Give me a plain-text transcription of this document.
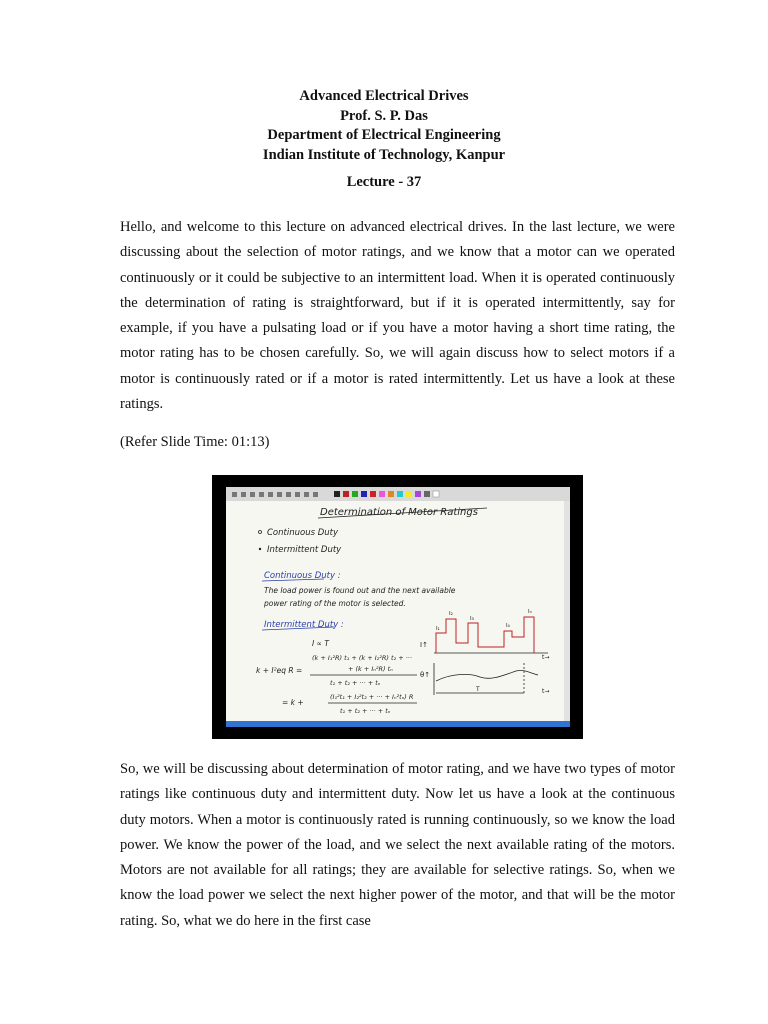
Advanced Electrical Drives
Prof. S. P. Das
Department of Electrical Engineering
Indian Institute of Technology, Kanpur
Lecture - 37

Hello, and welcome to this lecture on advanced electrical drives. In the last lecture, we were discussing about the selection of motor ratings, and we know that a motor can we operated continuously or it could be subjective to an intermittent load. When it is operated continuously the determination of rating is straightforward, but if it is operated intermittently, say for example, if you have a pulsating load or if you have a motor having a short time rating, the motor rating has to be chosen carefully. So, we will again discuss how to select motors if a motor is continuously rated or if a motor is rated intermittently. Let us have a look at these ratings.

(Refer Slide Time: 01:13)
Determination of Motor Ratings
Continuous Duty
Intermittent Duty
Continuous Duty :
The load power is found out and the next available
power rating of the motor is selected.
Intermittent Duty :
I ∝ T
k + I²eq R =
(k + I₁²R) t₁ + (k + I₂²R) t₂ + ···
+ (k + Iₙ²R) tₙ
t₁ + t₂ + ··· + tₙ
= k +
(I₁²t₁ + I₂²t₂ + ··· + Iₙ²tₙ) R
t₁ + t₂ + ··· + tₙ
I↑
I₁
I₂
I₃
I₄
Iₙ
t→
θ↑
T	t→

So, we will be discussing about determination of motor rating, and we have two types of motor ratings like continuous duty and intermittent duty. Now let us have a look at the continuous duty motors. When a motor is continuously rated is running continuously, so we know the load power. We know the power of the load, and we select the next available rating of the motors. Motors are not available for all ratings; they are available for selective ratings. So, when we know the load power we select the next higher power of the motor, and that will be the motor rating. So, what we do here in the first case
